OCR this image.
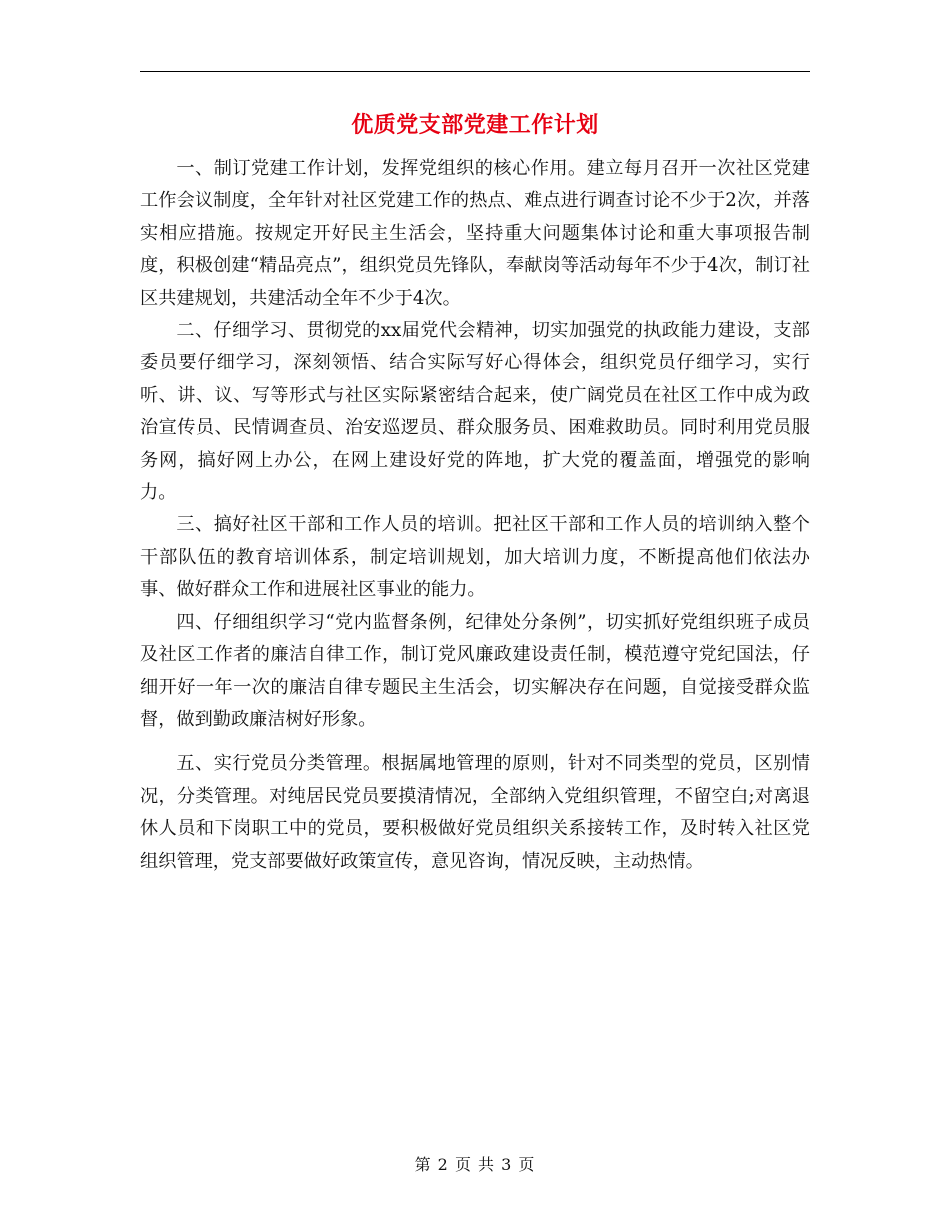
优质党支部党建工作计划

一、制订党建工作计划，发挥党组织的核心作用。建立每月召开一次社区党建工作会议制度，全年针对社区党建工作的热点、难点进行调查讨论不少于2次，并落实相应措施。按规定开好民主生活会，坚持重大问题集体讨论和重大事项报告制度，积极创建“精品亮点”，组织党员先锋队，奉献岗等活动每年不少于4次，制订社区共建规划，共建活动全年不少于4次。

二、仔细学习、贯彻党的xx届党代会精神，切实加强党的执政能力建设，支部委员要仔细学习，深刻领悟、结合实际写好心得体会，组织党员仔细学习，实行听、讲、议、写等形式与社区实际紧密结合起来，使广阔党员在社区工作中成为政治宣传员、民情调查员、治安巡逻员、群众服务员、困难救助员。同时利用党员服务网，搞好网上办公，在网上建设好党的阵地，扩大党的覆盖面，增强党的影响力。

三、搞好社区干部和工作人员的培训。把社区干部和工作人员的培训纳入整个干部队伍的教育培训体系，制定培训规划，加大培训力度，不断提高他们依法办事、做好群众工作和进展社区事业的能力。

四、仔细组织学习“党内监督条例，纪律处分条例”，切实抓好党组织班子成员及社区工作者的廉洁自律工作，制订党风廉政建设责任制，模范遵守党纪国法，仔细开好一年一次的廉洁自律专题民主生活会，切实解决存在问题，自觉接受群众监督，做到勤政廉洁树好形象。

五、实行党员分类管理。根据属地管理的原则，针对不同类型的党员，区别情况，分类管理。对纯居民党员要摸清情况，全部纳入党组织管理，不留空白;对离退休人员和下岗职工中的党员，要积极做好党员组织关系接转工作，及时转入社区党组织管理，党支部要做好政策宣传，意见咨询，情况反映，主动热情。

第 2 页 共 3 页
